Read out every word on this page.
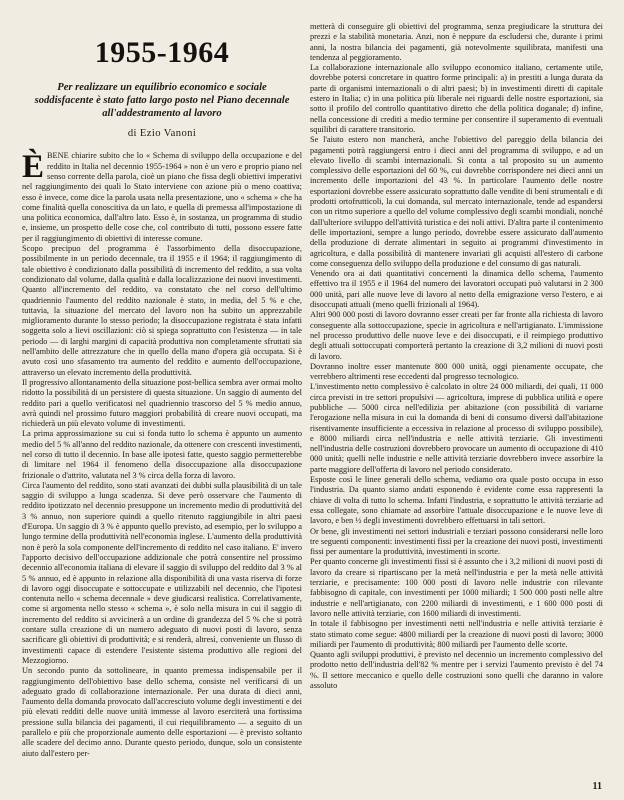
1955-1964
Per realizzare un equilibrio economico e sociale soddisfacente è stato fatto largo posto nel Piano decennale all'addestramento al lavoro
di Ezio Vanoni
È BENE chiarire subito che lo « Schema di sviluppo della occupazione e del reddito in Italia nel decennio 1955-1964 » non è un vero e proprio piano nel senso corrente della parola, cioè un piano che fissa degli obiettivi imperativi nel raggiungimento dei quali lo Stato interviene con azione più o meno coattiva; esso è invece, come dice la parola usata nella presentazione, uno « schema » che ha come finalità quella conoscitiva da un lato, e quella di premessa all'impostazione di una politica economica, dall'altro lato. Esso è, in sostanza, un programma di studio e, insieme, un prospetto delle cose che, col contributo di tutti, possono essere fatte per il raggiungimento di obiettivi di interesse comune.

Scopo precipuo del programma è l'assorbimento della disoccupazione, possibilmente in un periodo decennale, tra il 1955 e il 1964; il raggiungimento di tale obiettivo è condizionato dalla possibilità di incremento del reddito, a sua volta condizionato dal volume, dalla qualità e dalla localizzazione dei nuovi investimenti. Quanto all'incremento del reddito, va constatato che nel corso dell'ultimo quadriennio l'aumento del reddito nazionale è stato, in media, del 5 % e che, tuttavia, la situazione del mercato del lavoro non ha subito un apprezzabile miglioramento durante lo stesso periodo; la disoccupazione registrata è stata infatti soggetta solo a lievi oscillazioni: ciò si spiega soprattutto con l'esistenza — in tale periodo — di larghi margini di capacità produttiva non completamente sfruttati sia nell'ambito delle attrezzature che in quello della mano d'opera già occupata. Si è avuto così uno sfasamento tra aumento del reddito e aumento dell'occupazione, attraverso un elevato incremento della produttività.

Il progressivo allontanamento della situazione post-bellica sembra aver ormai molto ridotto la possibilità di un persistere di questa situazione. Un saggio di aumento del reddito pari a quello verificatosi nel quadriennio trascorso del 5 % medio annuo, avrà quindi nel prossimo futuro maggiori probabilità di creare nuovi occupati, ma richiederà un più elevato volume di investimenti.

La prima approssimazione su cui si fonda tutto lo schema è appunto un aumento medio del 5 % all'anno del reddito nazionale, da ottenere con crescenti investimenti, nel corso di tutto il decennio. In base alle ipotesi fatte, questo saggio permetterebbe di limitare nel 1964 il fenomeno della disoccupazione alla disoccupazione frizionale o d'attrito, valutata nel 3 % circa della forza di lavoro.

Circa l'aumento del reddito, sono stati avanzati dei dubbi sulla plausibilità di un tale saggio di sviluppo a lunga scadenza. Si deve però osservare che l'aumento di reddito ipotizzato nel decennio presuppone un incremento medio di produttività del 3 % annuo, non superiore quindi a quello ritenuto raggiungibile in altri paesi d'Europa. Un saggio di 3 % è appunto quello previsto, ad esempio, per lo sviluppo a lungo termine della produttività nell'economia inglese. L'aumento della produttività non è però la sola componente dell'incremento di reddito nel caso italiano. E' invero l'apporto decisivo dell'occupazione addizionale che potrà consentire nel prossimo decennio all'economia italiana di elevare il saggio di sviluppo del reddito dal 3 % al 5 % annuo, ed è appunto in relazione alla disponibilità di una vasta riserva di forze di lavoro oggi disoccupate e sottoccupate e utilizzabili nel decennio, che l'ipotesi contenuta nello « schema decennale » deve giudicarsi realistica. Correlativamente, come si argomenta nello stesso « schema », è solo nella misura in cui il saggio di incremento del reddito si avvicinerà a un ordine di grandezza del 5 % che si potrà contare sulla creazione di un numero adeguato di nuovi posti di lavoro, senza sacrificare gli obiettivi di produttività; e si renderà, altresì, conveniente un flusso di investimenti capace di estendere l'esistente sistema produttivo alle regioni del Mezzogiorno.

Un secondo punto da sottolineare, in quanto premessa indispensabile per il raggiungimento dell'obiettivo base dello schema, consiste nel verificarsi di un adeguato grado di collaborazione internazionale. Per una durata di dieci anni, l'aumento della domanda provocato dall'accresciuto volume degli investimenti e dei più elevati redditi delle nuove unità immesse al lavoro eserciterà una fortissima pressione sulla bilancia dei pagamenti, il cui riequilibramento — a seguito di un parallelo e più che proporzionale aumento delle esportazioni — è previsto soltanto alle scadere del decimo anno. Durante questo periodo, dunque, solo un consistente aiuto dall'estero per-

metterà di conseguire gli obiettivi del programma, senza pregiudicare la struttura dei prezzi e la stabilità monetaria. Anzi, non è neppure da escludersi che, durante i primi anni, la nostra bilancia dei pagamenti, già notevolmente squilibrata, manifesti una tendenza al peggioramento.

La collaborazione internazionale allo sviluppo economico italiano, certamente utile, dovrebbe potersi concretare in quattro forme principali: a) in prestiti a lunga durata da parte di organismi internazionali o di altri paesi; b) in investimenti diretti di capitale estero in Italia; c) in una politica più liberale nei riguardi delle nostre esportazioni, sia sotto il profilo del controllo quantitativo diretto che della politica doganale; d) infine, nella concessione di crediti a medio termine per consentire il superamento di eventuali squilibri di carattere transitorio.

Se l'aiuto estero non mancherà, anche l'obiettivo del pareggio della bilancia dei pagamenti potrà raggiungersi entro i dieci anni del programma di sviluppo, e ad un elevato livello di scambi internazionali. Si conta a tal proposito su un aumento complessivo delle esportazioni del 60 %, cui dovrebbe corrispondere nei dieci anni un incremento delle importazioni del 43 %. In particolare l'aumento delle nostre esportazioni dovrebbe essere assicurato soprattutto dalle vendite di beni strumentali e di prodotti ortofrutticoli, la cui domanda, sul mercato internazionale, tende ad espandersi con un ritmo superiore a quello del volume complessivo degli scambi mondiali, nonché dall'ulteriore sviluppo dell'attività turistica e dei noli attivi. D'altra parte il contenimento delle importazioni, sempre a lungo periodo, dovrebbe essere assicurato dall'aumento della produzione di derrate alimentari in seguito ai programmi d'investimento in agricoltura, e dalla possibilità di mantenere invariati gli acquisti all'estero di carbone come conseguenza dello sviluppo della produzione e del consumo di gas naturali.

Venendo ora ai dati quantitativi concernenti la dinamica dello schema, l'aumento effettivo tra il 1955 e il 1964 del numero dei lavoratori occupati può valutarsi in 2 300 000 unità, pari alle nuove leve di lavoro al netto della emigrazione verso l'estero, e ai disoccupati attuali (meno quelli frizionali al 1964).

Altri 900 000 posti di lavoro dovranno esser creati per far fronte alla richiesta di lavoro conseguente alla sottoccupazione, specie in agricoltura e nell'artigianato. L'immissione nel processo produttivo delle nuove leve e dei disoccupati, e il reimpiego produttivo degli attuali sottoccupati comporterà pertanto la creazione di 3,2 milioni di nuovi posti di lavoro.

Dovranno inoltre esser mantenute 800 000 unità, oggi pienamente occupate, che verrebbero altrimenti rese eccedenti dal progresso tecnologico.

L'investimento netto complessivo è calcolato in oltre 24 000 miliardi, dei quali, 11 000 circa previsti in tre settori propulsivi — agricoltura, imprese di pubblica utilità e opere pubbliche — 5000 circa nell'edilizia per abitazione (con possibilità di variarne l'erogazione nella misura in cui la domanda di beni di consumo diversi dall'abitazione risentivamente insufficiente a eccessiva in relazione al processo di sviluppo possibile), e 8000 miliardi circa nell'industria e nelle attività terziarie. Gli investimenti nell'industria delle costruzioni dovrebbero provocare un aumento di occupazione di 410 000 unità; quelli nelle industrie e nelle attività terziarie dovrebbero invece assorbire la parte maggiore dell'offerta di lavoro nel periodo considerato.

Esposte così le linee generali dello schema, vediamo ora quale posto occupa in esso l'industria. Da quanto siamo andati esponendo è evidente come essa rappresenti la chiave di volta di tutto lo schema. Infatti l'industria, e soprattutto le attività terziarie ad essa collegate, sono chiamate ad assorbire l'attuale disoccupazione e le nuove leve di lavoro, e ben ½ degli investimenti dovrebbero effettuarsi in tali settori.

Or bene, gli investimenti nei settori industriali e terziari possono considerarsi nelle loro tre seguenti componenti: investimenti fissi per la creazione dei nuovi posti, investimenti fissi per aumentare la produttività, investimenti in scorte.

Per quanto concerne gli investimenti fissi si è assunto che i 3,2 milioni di nuovi posti di lavoro da creare si ripartiscano per la metà nell'industria e per la metà nelle attività terziarie, e precisamente: 100 000 posti di lavoro nelle industrie con rilevante fabbisogno di capitale, con investimenti per 1000 miliardi; 1 500 000 posti nelle altre industrie e nell'artigianato, con 2200 miliardi di investimenti, e 1 600 000 posti di lavoro nelle attività terziarie, con 1600 miliardi di investimenti.

In totale il fabbisogno per investimenti netti nell'industria e nelle attività terziarie è stato stimato come segue: 4800 miliardi per la creazione di nuovi posti di lavoro; 3000 miliardi per l'aumento di produttività; 800 miliardi per l'aumento delle scorte.

Quanto agli sviluppi produttivi, è previsto nel decennio un incremento complessivo del prodotto netto dell'industria dell'82 % mentre per i servizi l'aumento previsto è del 74 %. Il settore meccanico e quello delle costruzioni sono quelli che daranno in valore assoluto

11
